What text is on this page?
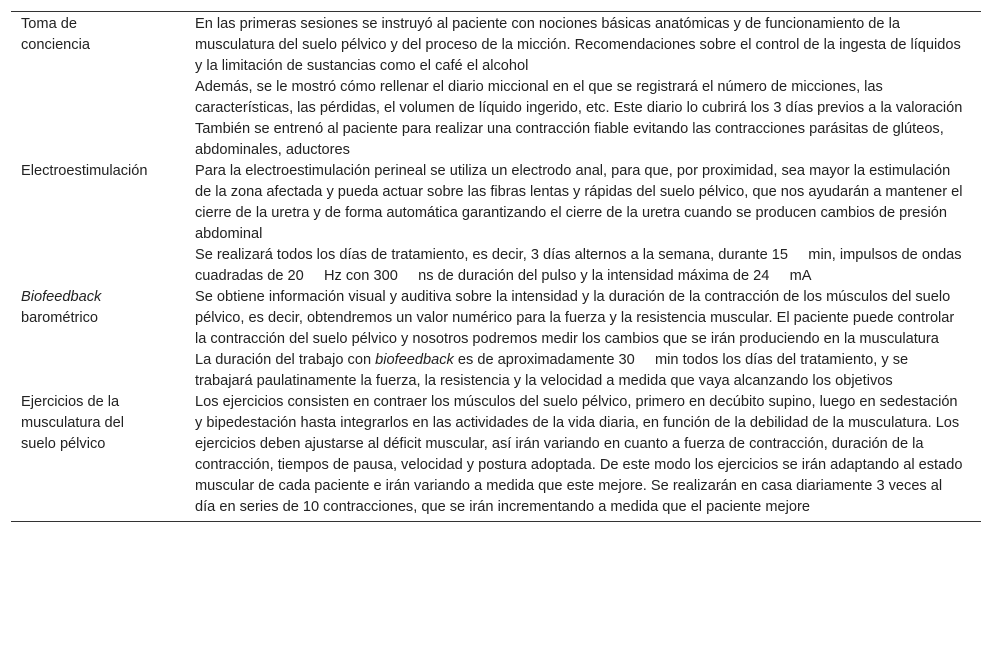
Toma de
conciencia
En las primeras sesiones se instruyó al paciente con nociones básicas anatómicas y de funcionamiento de la musculatura del suelo pélvico y del proceso de la micción. Recomendaciones sobre el control de la ingesta de líquidos y la limitación de sustancias como el café el alcohol
Además, se le mostró cómo rellenar el diario miccional en el que se registrará el número de micciones, las características, las pérdidas, el volumen de líquido ingerido, etc. Este diario lo cubrirá los 3 días previos a la valoración
También se entrenó al paciente para realizar una contracción fiable evitando las contracciones parásitas de glúteos, abdominales, aductores
Electroestimulación	Para la electroestimulación perineal se utiliza un electrodo anal, para que, por proximidad, sea mayor la estimulación de la zona afectada y pueda actuar sobre las fibras lentas y rápidas del suelo pélvico, que nos ayudarán a mantener el cierre de la uretra y de forma automática garantizando el cierre de la uretra cuando se producen cambios de presión abdominal
Se realizará todos los días de tratamiento, es decir, 3 días alternos a la semana, durante 15     min, impulsos de ondas cuadradas de 20     Hz con 300     ns de duración del pulso y la intensidad máxima de 24     mA
Biofeedback
barométrico
Se obtiene información visual y auditiva sobre la intensidad y la duración de la contracción de los músculos del suelo pélvico, es decir, obtendremos un valor numérico para la fuerza y la resistencia muscular. El paciente puede controlar la contracción del suelo pélvico y nosotros podremos medir los cambios que se irán produciendo en la musculatura
La duración del trabajo con biofeedback es de aproximadamente 30     min todos los días del tratamiento, y se trabajará paulatinamente la fuerza, la resistencia y la velocidad a medida que vaya alcanzando los objetivos
Ejercicios de la
musculatura del
suelo pélvico
Los ejercicios consisten en contraer los músculos del suelo pélvico, primero en decúbito supino, luego en sedestación y bipedestación hasta integrarlos en las actividades de la vida diaria, en función de la debilidad de la musculatura. Los ejercicios deben ajustarse al déficit muscular, así irán variando en cuanto a fuerza de contracción, duración de la contracción, tiempos de pausa, velocidad y postura adoptada. De este modo los ejercicios se irán adaptando al estado muscular de cada paciente e irán variando a medida que este mejore. Se realizarán en casa diariamente 3 veces al día en series de 10 contracciones, que se irán incrementando a medida que el paciente mejore
